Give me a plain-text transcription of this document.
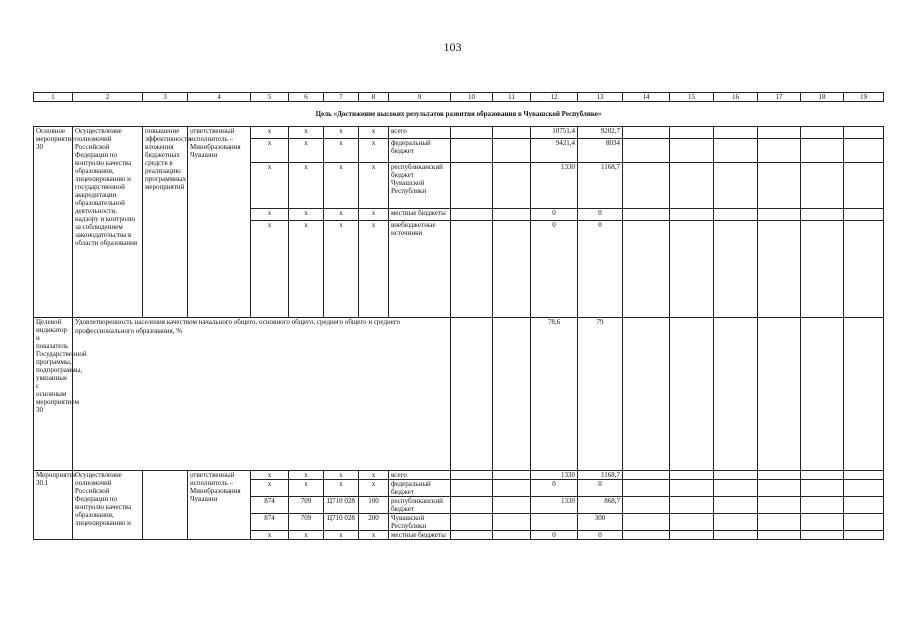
103
1	2	3	4	5	6	7	8	9	10	11	12	13	14	15	16	17	18	19
Цель «Достижение высоких результатов развития образования в Чувашской Республике»																		
Основное мероприятие 30	Осуществление полномочий Российской Федерации по контролю качества образования, лицензированию и государственной аккредитации образовательной деятельности, надзору и контролю за соблюдением законодательства в области образования	повышение эффективности вложения бюджетных средств в реализацию программных мероприятий	ответственный исполнитель – Минобразования Чувашии	x	x	x	x	всего			10751,4	9202,7						
				x	x	x	x	федеральный бюджет			9421,4	8034						
				x	x	x	x	республиканский бюджет Чувашской Республики			1330	1168,7						
				x	x	x	x	местные бюджеты			0	0						
				x	x	x	x	внебюджетные источники			0	0						
Целевой индикатор и показатель Государственной программы, подпрограммы, увязанные с основным мероприятием 30	Удовлетворенность населения качеством начального общего, основного общего, среднего общего и среднего профессионального образования, %										78,6	79						
Мероприятие 30.1	Осуществление полномочий Российской Федерации по контролю качества образования, лицензированию и		ответственный исполнитель – Минобразования Чувашии	x	x	x	x	всего			1330	1168,7						
				x	x	x	x	федеральный бюджет			0	0						
				874	709	Ц710 028	100	республиканский бюджет			1330	868,7						
				874	709	Ц710 028	200	Чувашской Республики				300						
				x	x	x	x	местные бюджеты			0	0						
